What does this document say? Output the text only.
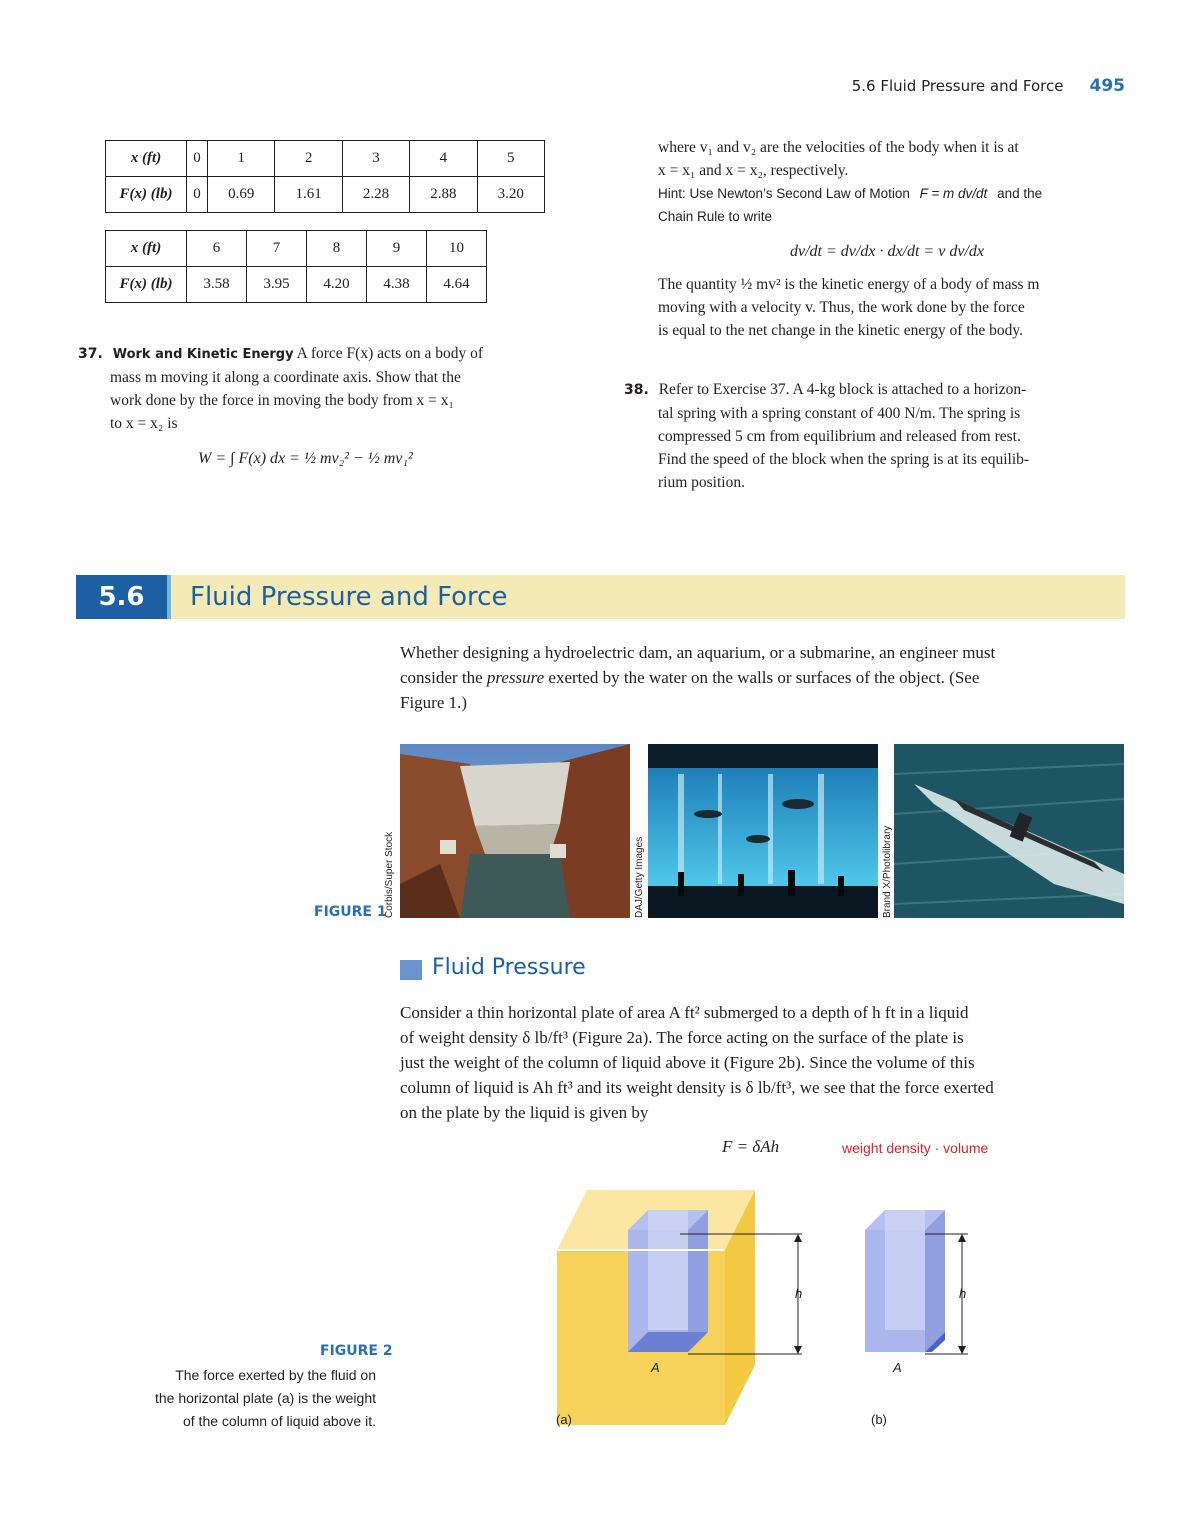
5.6 Fluid Pressure and Force 495
x (ft)	0	1	2	3	4	5
F(x) (lb)	0	0.69	1.61	2.28	2.88	3.20
x (ft)	6	7	8	9	10
F(x) (lb)	3.58	3.95	4.20	4.38	4.64
37. Work and Kinetic Energy A force F(x) acts on a body of
mass m moving it along a coordinate axis. Show that the
work done by the force in moving the body from x = x₁
to x = x₂ is
W = ∫ F(x) dx = ½ mv₂² − ½ mv₁²
where v₁ and v₂ are the velocities of the body when it is at
x = x₁ and x = x₂, respectively.
Hint: Use Newton’s Second Law of Motion F = m dv/dt and the
Chain Rule to write
dv/dt = dv/dx · dx/dt = v dv/dx
The quantity ½ mv² is the kinetic energy of a body of mass m
moving with a velocity v. Thus, the work done by the force
is equal to the net change in the kinetic energy of the body.
38. Refer to Exercise 37. A 4-kg block is attached to a horizon-
tal spring with a spring constant of 400 N/m. The spring is
compressed 5 cm from equilibrium and released from rest.
Find the speed of the block when the spring is at its equilib-
rium position.
5.6	Fluid Pressure and Force
Whether designing a hydroelectric dam, an aquarium, or a submarine, an engineer must
consider the pressure exerted by the water on the walls or surfaces of the object. (See
Figure 1.)
FIGURE 1
Corbis/Super Stock	DAJ/Getty Images	Brand X/Photolibrary
Fluid Pressure
Consider a thin horizontal plate of area A ft² submerged to a depth of h ft in a liquid
of weight density δ lb/ft³ (Figure 2a). The force acting on the surface of the plate is
just the weight of the column of liquid above it (Figure 2b). Since the volume of this
column of liquid is Ah ft³ and its weight density is δ lb/ft³, we see that the force exerted
on the plate by the liquid is given by
F = δAh	weight density · volume
FIGURE 2
The force exerted by the fluid on
the horizontal plate (a) is the weight
of the column of liquid above it.
h	h
A	A
(a)	(b)
